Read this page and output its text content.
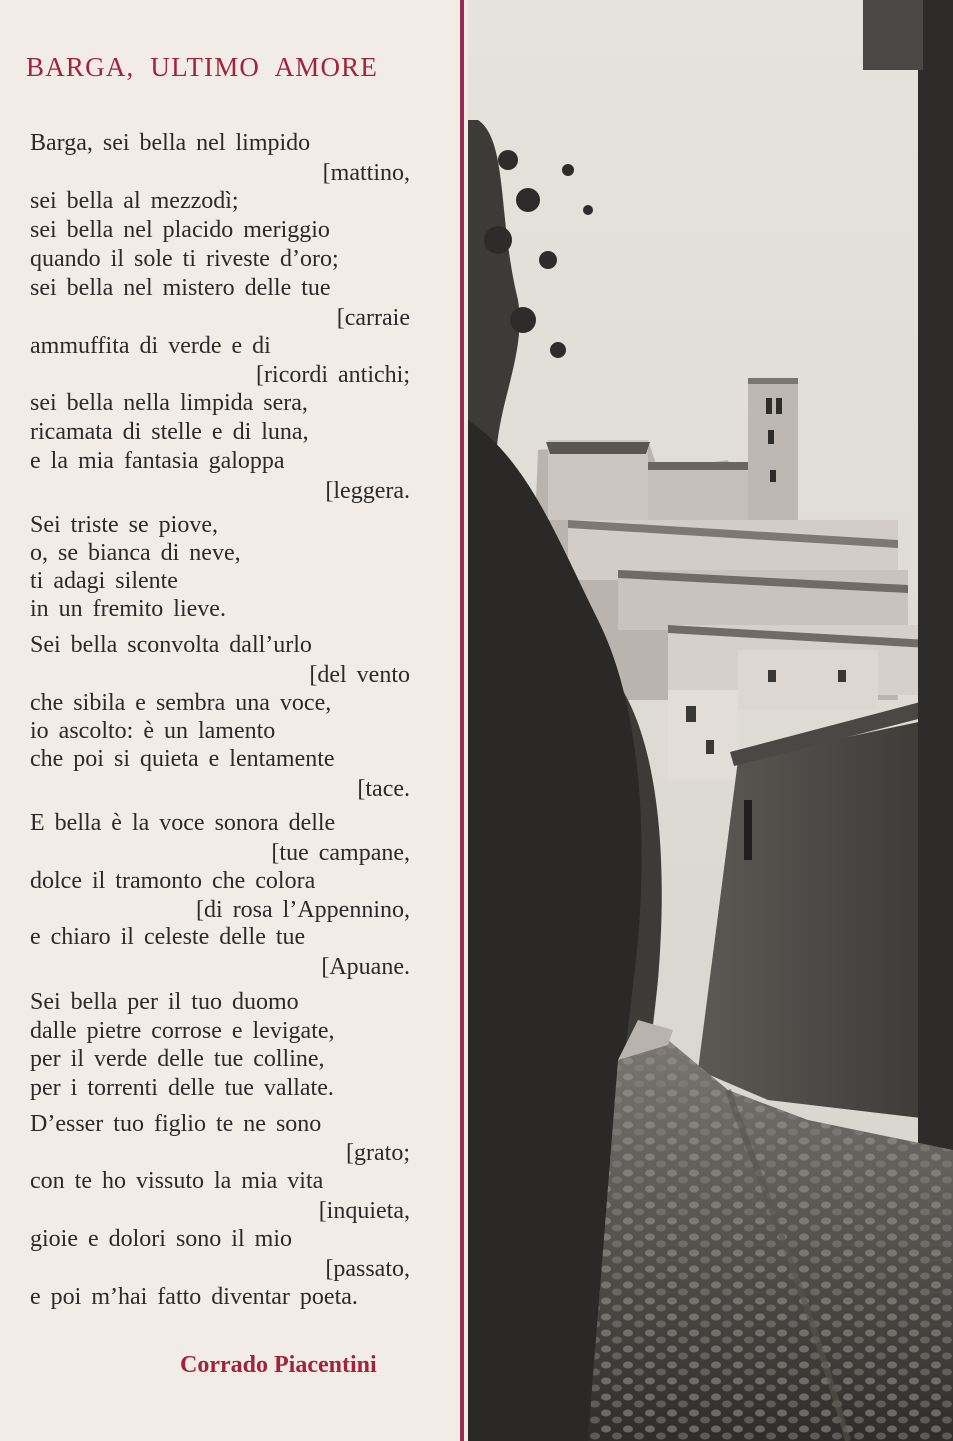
BARGA, ULTIMO AMORE
Barga, sei bella nel limpido
[mattino,
sei bella al mezzodì;
sei bella nel placido meriggio
quando il sole ti riveste d’oro;
sei bella nel mistero delle tue
[carraie
ammuffita di verde e di
[ricordi antichi;
sei bella nella limpida sera,
ricamata di stelle e di luna,
e la mia fantasia galoppa
[leggera.
Sei triste se piove,
o, se bianca di neve,
ti adagi silente
in un fremito lieve.
Sei bella sconvolta dall’urlo
[del vento
che sibila e sembra una voce,
io ascolto: è un lamento
che poi si quieta e lentamente
[tace.
E bella è la voce sonora delle
[tue campane,
dolce il tramonto che colora
[di rosa l’Appennino,
e chiaro il celeste delle tue
[Apuane.
Sei bella per il tuo duomo
dalle pietre corrose e levigate,
per il verde delle tue colline,
per i torrenti delle tue vallate.
D’esser tuo figlio te ne sono
[grato;
con te ho vissuto la mia vita
[inquieta,
gioie e dolori sono il mio
[passato,
e poi m’hai fatto diventar poeta.
Corrado Piacentini
